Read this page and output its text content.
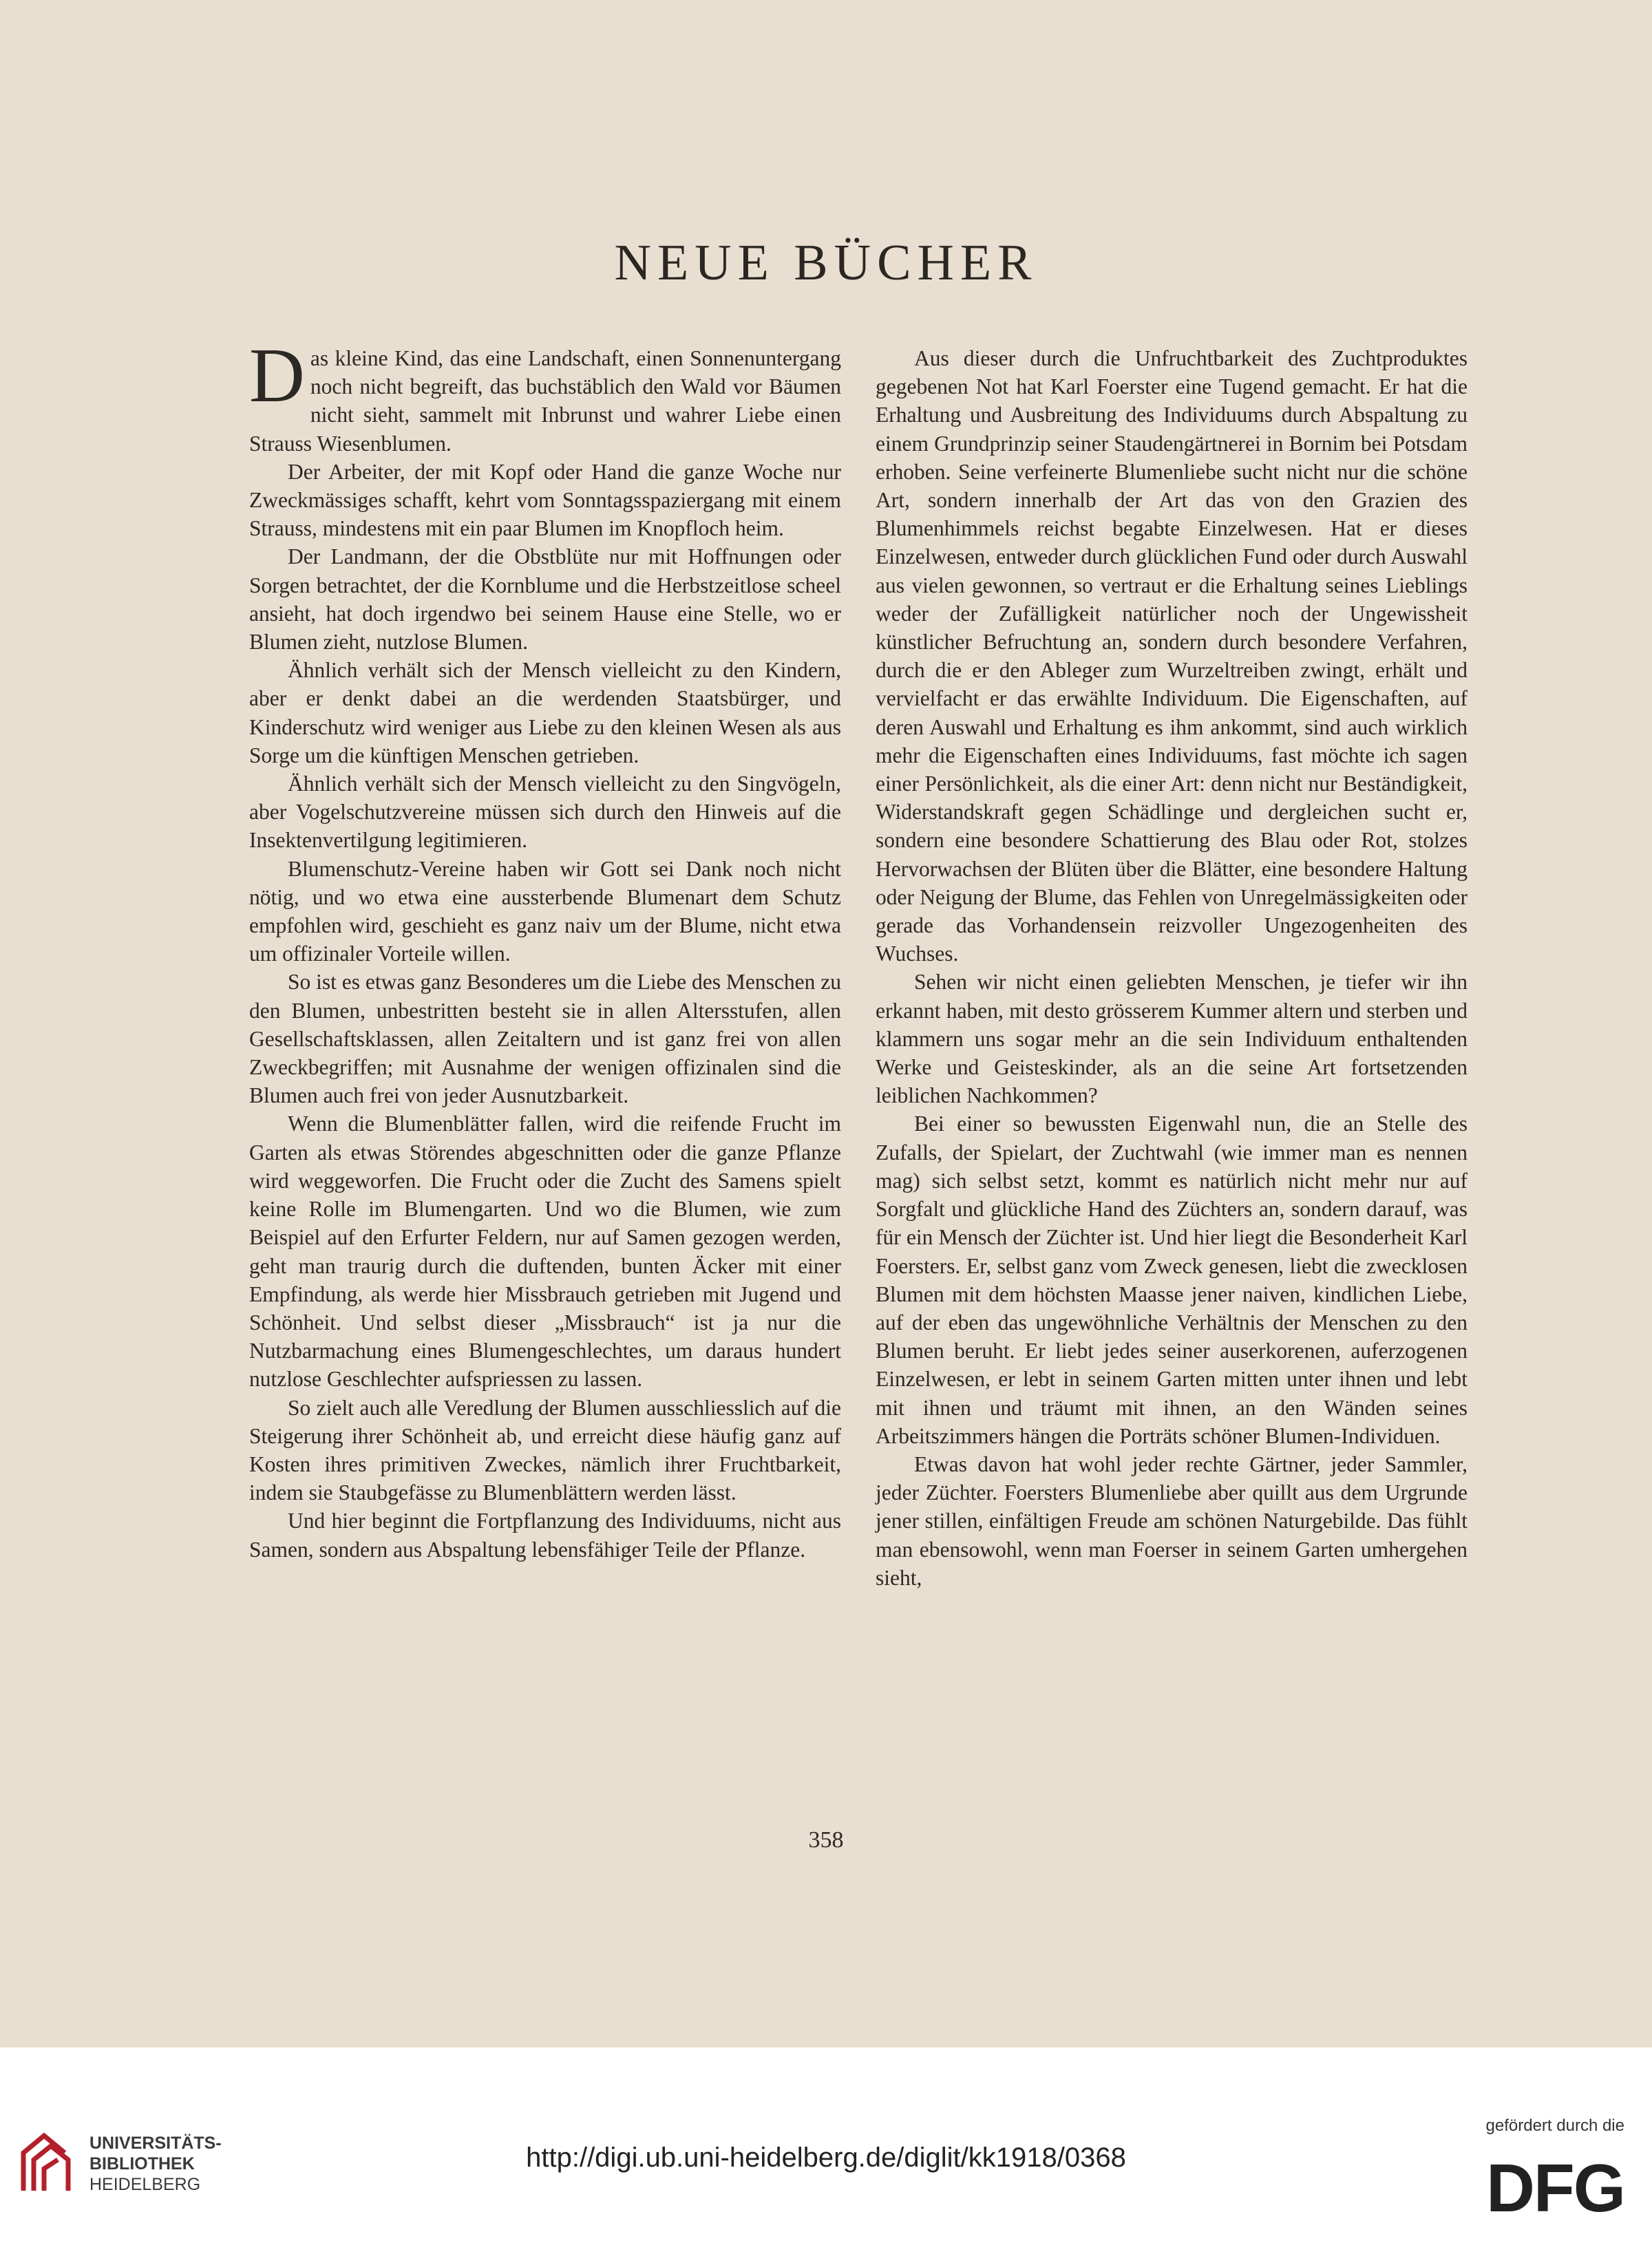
NEUE BÜCHER

Das kleine Kind, das eine Landschaft, einen Sonnenuntergang noch nicht begreift, das buchstäblich den Wald vor Bäumen nicht sieht, sammelt mit Inbrunst und wahrer Liebe einen Strauss Wiesenblumen.

Der Arbeiter, der mit Kopf oder Hand die ganze Woche nur Zweckmässiges schafft, kehrt vom Sonntagsspaziergang mit einem Strauss, mindestens mit ein paar Blumen im Knopfloch heim.

Der Landmann, der die Obstblüte nur mit Hoffnungen oder Sorgen betrachtet, der die Kornblume und die Herbstzeitlose scheel ansieht, hat doch irgendwo bei seinem Hause eine Stelle, wo er Blumen zieht, nutzlose Blumen.

Ähnlich verhält sich der Mensch vielleicht zu den Kindern, aber er denkt dabei an die werdenden Staatsbürger, und Kinderschutz wird weniger aus Liebe zu den kleinen Wesen als aus Sorge um die künftigen Menschen getrieben.

Ähnlich verhält sich der Mensch vielleicht zu den Singvögeln, aber Vogelschutzvereine müssen sich durch den Hinweis auf die Insektenvertilgung legitimieren.

Blumenschutz-Vereine haben wir Gott sei Dank noch nicht nötig, und wo etwa eine aussterbende Blumenart dem Schutz empfohlen wird, geschieht es ganz naiv um der Blume, nicht etwa um offizinaler Vorteile willen.

So ist es etwas ganz Besonderes um die Liebe des Menschen zu den Blumen, unbestritten besteht sie in allen Altersstufen, allen Gesellschaftsklassen, allen Zeitaltern und ist ganz frei von allen Zweckbegriffen; mit Ausnahme der wenigen offizinalen sind die Blumen auch frei von jeder Ausnutzbarkeit.

Wenn die Blumenblätter fallen, wird die reifende Frucht im Garten als etwas Störendes abgeschnitten oder die ganze Pflanze wird weggeworfen. Die Frucht oder die Zucht des Samens spielt keine Rolle im Blumengarten. Und wo die Blumen, wie zum Beispiel auf den Erfurter Feldern, nur auf Samen gezogen werden, geht man traurig durch die duftenden, bunten Äcker mit einer Empfindung, als werde hier Missbrauch getrieben mit Jugend und Schönheit. Und selbst dieser „Missbrauch“ ist ja nur die Nutzbarmachung eines Blumengeschlechtes, um daraus hundert nutzlose Geschlechter aufspriessen zu lassen.

So zielt auch alle Veredlung der Blumen ausschliesslich auf die Steigerung ihrer Schönheit ab, und erreicht diese häufig ganz auf Kosten ihres primitiven Zweckes, nämlich ihrer Fruchtbarkeit, indem sie Staubgefässe zu Blumenblättern werden lässt.

Und hier beginnt die Fortpflanzung des Individuums, nicht aus Samen, sondern aus Abspaltung lebensfähiger Teile der Pflanze.

Aus dieser durch die Unfruchtbarkeit des Zuchtproduktes gegebenen Not hat Karl Foerster eine Tugend gemacht. Er hat die Erhaltung und Ausbreitung des Individuums durch Abspaltung zu einem Grundprinzip seiner Staudengärtnerei in Bornim bei Potsdam erhoben. Seine verfeinerte Blumenliebe sucht nicht nur die schöne Art, sondern innerhalb der Art das von den Grazien des Blumenhimmels reichst begabte Einzelwesen. Hat er dieses Einzelwesen, entweder durch glücklichen Fund oder durch Auswahl aus vielen gewonnen, so vertraut er die Erhaltung seines Lieblings weder der Zufälligkeit natürlicher noch der Ungewissheit künstlicher Befruchtung an, sondern durch besondere Verfahren, durch die er den Ableger zum Wurzeltreiben zwingt, erhält und vervielfacht er das erwählte Individuum. Die Eigenschaften, auf deren Auswahl und Erhaltung es ihm ankommt, sind auch wirklich mehr die Eigenschaften eines Individuums, fast möchte ich sagen einer Persönlichkeit, als die einer Art: denn nicht nur Beständigkeit, Widerstandskraft gegen Schädlinge und dergleichen sucht er, sondern eine besondere Schattierung des Blau oder Rot, stolzes Hervorwachsen der Blüten über die Blätter, eine besondere Haltung oder Neigung der Blume, das Fehlen von Unregelmässigkeiten oder gerade das Vorhandensein reizvoller Ungezogenheiten des Wuchses.

Sehen wir nicht einen geliebten Menschen, je tiefer wir ihn erkannt haben, mit desto grösserem Kummer altern und sterben und klammern uns sogar mehr an die sein Individuum enthaltenden Werke und Geisteskinder, als an die seine Art fortsetzenden leiblichen Nachkommen?

Bei einer so bewussten Eigenwahl nun, die an Stelle des Zufalls, der Spielart, der Zuchtwahl (wie immer man es nennen mag) sich selbst setzt, kommt es natürlich nicht mehr nur auf Sorgfalt und glückliche Hand des Züchters an, sondern darauf, was für ein Mensch der Züchter ist. Und hier liegt die Besonderheit Karl Foersters. Er, selbst ganz vom Zweck genesen, liebt die zwecklosen Blumen mit dem höchsten Maasse jener naiven, kindlichen Liebe, auf der eben das ungewöhnliche Verhältnis der Menschen zu den Blumen beruht. Er liebt jedes seiner auserkorenen, auferzogenen Einzelwesen, er lebt in seinem Garten mitten unter ihnen und lebt mit ihnen und träumt mit ihnen, an den Wänden seines Arbeitszimmers hängen die Porträts schöner Blumen-Individuen.

Etwas davon hat wohl jeder rechte Gärtner, jeder Sammler, jeder Züchter. Foersters Blumenliebe aber quillt aus dem Urgrunde jener stillen, einfältigen Freude am schönen Naturgebilde. Das fühlt man ebensowohl, wenn man Foerser in seinem Garten umhergehen sieht,

358
UNIVERSITÄTS-
BIBLIOTHEK
HEIDELBERG
http://digi.ub.uni-heidelberg.de/diglit/kk1918/0368
gefördert durch die
DFG
